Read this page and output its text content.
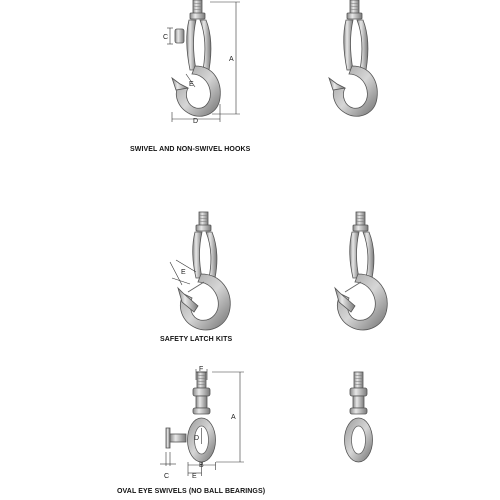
C
A
E
D
SWIVEL AND NON-SWIVEL HOOKS
E
SAFETY LATCH KITS
F
A
D
C	E
B
OVAL EYE SWIVELS (NO BALL BEARINGS)
